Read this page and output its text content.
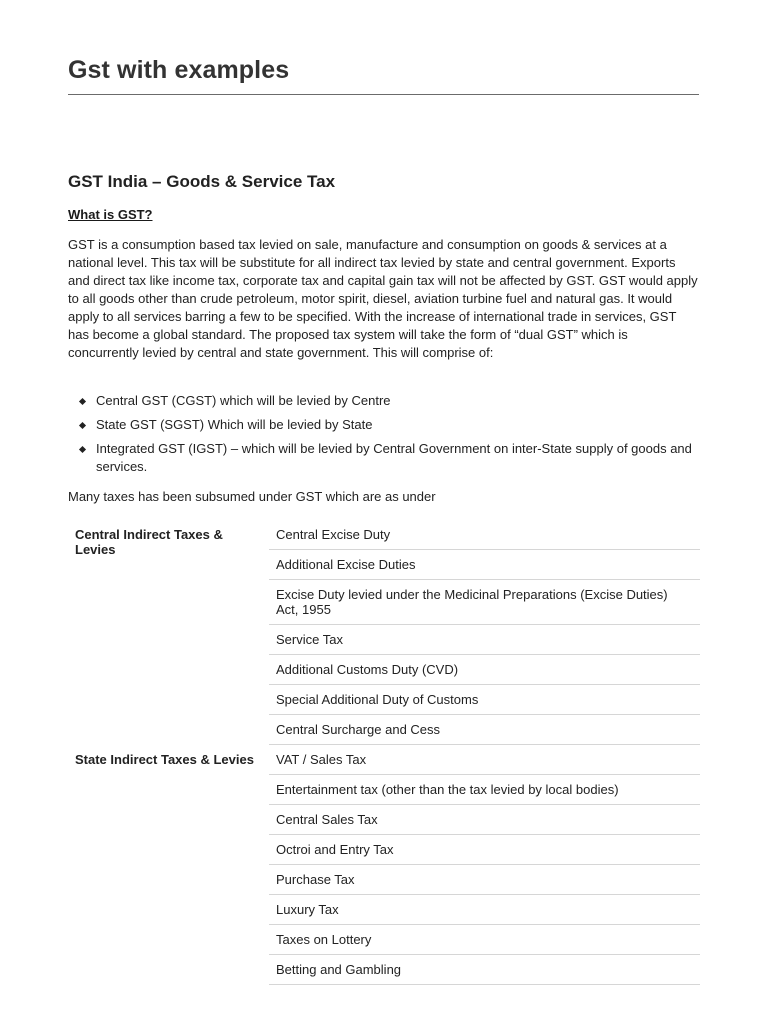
Gst with examples
GST India – Goods & Service Tax
What is GST?

GST is a consumption based tax levied on sale, manufacture and consumption on goods & services at a national level. This tax will be substitute for all indirect tax levied by state and central government. Exports and direct tax like income tax, corporate tax and capital gain tax will not be affected by GST. GST would apply to all goods other than crude petroleum, motor spirit, diesel, aviation turbine fuel and natural gas. It would apply to all services barring a few to be specified. With the increase of international trade in services, GST has become a global standard. The proposed tax system will take the form of “dual GST” which is concurrently levied by central and state government. This will comprise of:

Central GST (CGST) which will be levied by Centre
State GST (SGST) Which will be levied by State
Integrated GST (IGST) – which will be levied by Central Government on inter-State supply of goods and services.

Many taxes has been subsumed under GST which are as under

Central Indirect Taxes & Levies		Central Excise Duty
		Additional Excise Duties
		Excise Duty levied under the Medicinal Preparations (Excise Duties) Act, 1955
		Service Tax
		Additional Customs Duty (CVD)
		Special Additional Duty of Customs
		Central Surcharge and Cess
State Indirect Taxes & Levies		VAT / Sales Tax
		Entertainment tax (other than the tax levied by local bodies)
		Central Sales Tax
		Octroi and Entry Tax
		Purchase Tax
		Luxury Tax
		Taxes on Lottery
		Betting and Gambling
